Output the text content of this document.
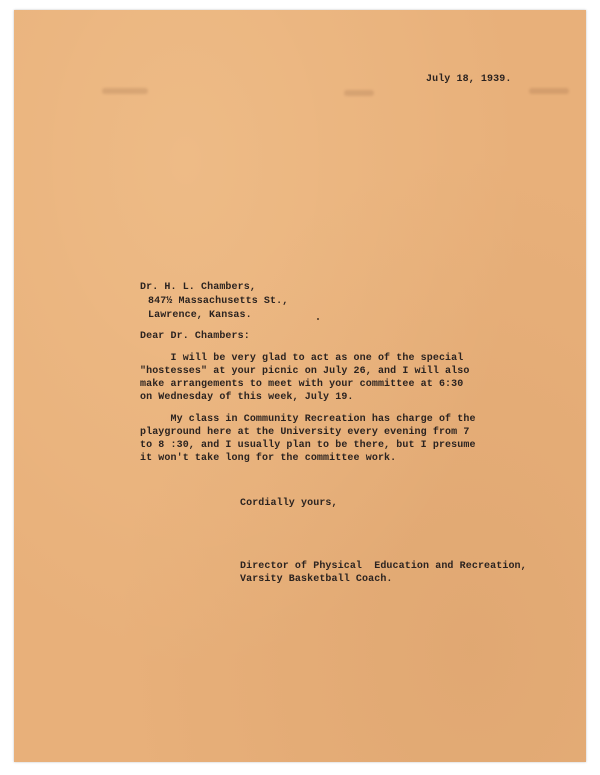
July 18, 1939.
Dr. H. L. Chambers,
847½ Massachusetts St.,
Lawrence, Kansas.
Dear Dr. Chambers:
I will be very glad to act as one of the special
"hostesses" at your picnic on July 26, and I will also
make arrangements to meet with your committee at 6:30
on Wednesday of this week, July 19.
My class in Community Recreation has charge of the
playground here at the University every evening from 7
to 8 :30, and I usually plan to be there, but I presume
it won't take long for the committee work.
Cordially yours,
Director of Physical  Education and Recreation,
Varsity Basketball Coach.
